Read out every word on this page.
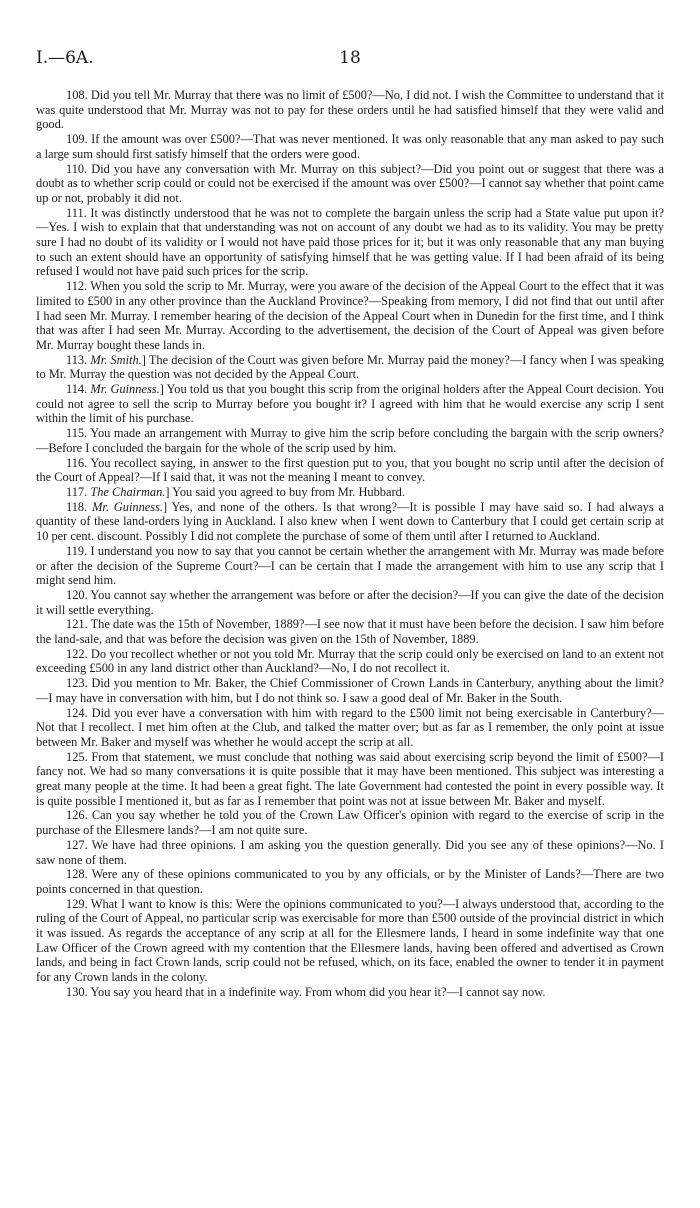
I.—6A.	18

108. Did you tell Mr. Murray that there was no limit of £500?—No, I did not. I wish the Committee to understand that it was quite understood that Mr. Murray was not to pay for these orders until he had satisfied himself that they were valid and good.

109. If the amount was over £500?—That was never mentioned. It was only reasonable that any man asked to pay such a large sum should first satisfy himself that the orders were good.

110. Did you have any conversation with Mr. Murray on this subject?—Did you point out or suggest that there was a doubt as to whether scrip could or could not be exercised if the amount was over £500?—I cannot say whether that point came up or not, probably it did not.

111. It was distinctly understood that he was not to complete the bargain unless the scrip had a State value put upon it?—Yes. I wish to explain that that understanding was not on account of any doubt we had as to its validity. You may be pretty sure I had no doubt of its validity or I would not have paid those prices for it; but it was only reasonable that any man buying to such an extent should have an opportunity of satisfying himself that he was getting value. If I had been afraid of its being refused I would not have paid such prices for the scrip.

112. When you sold the scrip to Mr. Murray, were you aware of the decision of the Appeal Court to the effect that it was limited to £500 in any other province than the Auckland Province?—Speaking from memory, I did not find that out until after I had seen Mr. Murray. I remember hearing of the decision of the Appeal Court when in Dunedin for the first time, and I think that was after I had seen Mr. Murray. According to the advertisement, the decision of the Court of Appeal was given before Mr. Murray bought these lands in.

113. Mr. Smith.] The decision of the Court was given before Mr. Murray paid the money?—I fancy when I was speaking to Mr. Murray the question was not decided by the Appeal Court.

114. Mr. Guinness.] You told us that you bought this scrip from the original holders after the Appeal Court decision. You could not agree to sell the scrip to Murray before you bought it? I agreed with him that he would exercise any scrip I sent within the limit of his purchase.

115. You made an arrangement with Murray to give him the scrip before concluding the bargain with the scrip owners?—Before I concluded the bargain for the whole of the scrip used by him.

116. You recollect saying, in answer to the first question put to you, that you bought no scrip until after the decision of the Court of Appeal?—If I said that, it was not the meaning I meant to convey.

117. The Chairman.] You said you agreed to buy from Mr. Hubbard.

118. Mr. Guinness.] Yes, and none of the others. Is that wrong?—It is possible I may have said so. I had always a quantity of these land-orders lying in Auckland. I also knew when I went down to Canterbury that I could get certain scrip at 10 per cent. discount. Possibly I did not complete the purchase of some of them until after I returned to Auckland.

119. I understand you now to say that you cannot be certain whether the arrangement with Mr. Murray was made before or after the decision of the Supreme Court?—I can be certain that I made the arrangement with him to use any scrip that I might send him.

120. You cannot say whether the arrangement was before or after the decision?—If you can give the date of the decision it will settle everything.

121. The date was the 15th of November, 1889?—I see now that it must have been before the decision. I saw him before the land-sale, and that was before the decision was given on the 15th of November, 1889.

122. Do you recollect whether or not you told Mr. Murray that the scrip could only be exercised on land to an extent not exceeding £500 in any land district other than Auckland?—No, I do not recollect it.

123. Did you mention to Mr. Baker, the Chief Commissioner of Crown Lands in Canterbury, anything about the limit?—I may have in conversation with him, but I do not think so. I saw a good deal of Mr. Baker in the South.

124. Did you ever have a conversation with him with regard to the £500 limit not being exercisable in Canterbury?—Not that I recollect. I met him often at the Club, and talked the matter over; but as far as I remember, the only point at issue between Mr. Baker and myself was whether he would accept the scrip at all.

125. From that statement, we must conclude that nothing was said about exercising scrip beyond the limit of £500?—I fancy not. We had so many conversations it is quite possible that it may have been mentioned. This subject was interesting a great many people at the time. It had been a great fight. The late Government had contested the point in every possible way. It is quite possible I mentioned it, but as far as I remember that point was not at issue between Mr. Baker and myself.

126. Can you say whether he told you of the Crown Law Officer's opinion with regard to the exercise of scrip in the purchase of the Ellesmere lands?—I am not quite sure.

127. We have had three opinions. I am asking you the question generally. Did you see any of these opinions?—No. I saw none of them.

128. Were any of these opinions communicated to you by any officials, or by the Minister of Lands?—There are two points concerned in that question.

129. What I want to know is this: Were the opinions communicated to you?—I always understood that, according to the ruling of the Court of Appeal, no particular scrip was exercisable for more than £500 outside of the provincial district in which it was issued. As regards the acceptance of any scrip at all for the Ellesmere lands, I heard in some indefinite way that one Law Officer of the Crown agreed with my contention that the Ellesmere lands, having been offered and advertised as Crown lands, and being in fact Crown lands, scrip could not be refused, which, on its face, enabled the owner to tender it in payment for any Crown lands in the colony.

130. You say you heard that in a indefinite way. From whom did you hear it?—I cannot say now.
